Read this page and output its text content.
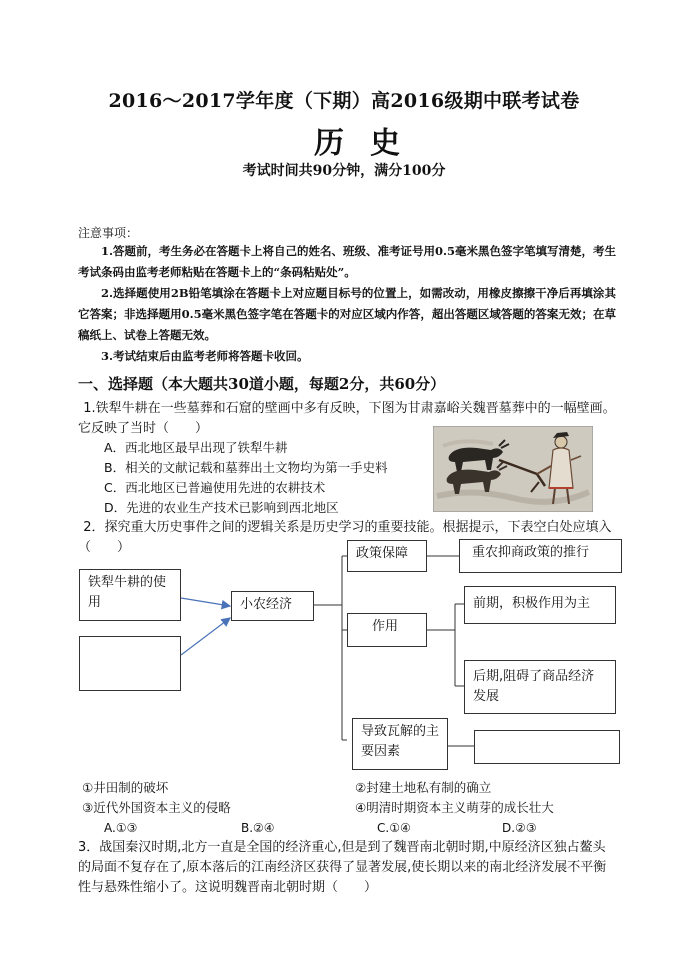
2016～2017学年度（下期）高2016级期中联考试卷
历史
考试时间共90分钟，满分100分
注意事项：
1.答题前，考生务必在答题卡上将自己的姓名、班级、准考证号用0.5毫米黑色签字笔填写清楚，考生考试条码由监考老师粘贴在答题卡上的“条码粘贴处”。
2.选择题使用2B铅笔填涂在答题卡上对应题目标号的位置上，如需改动，用橡皮擦擦干净后再填涂其它答案；非选择题用0.5毫米黑色签字笔在答题卡的对应区域内作答，超出答题区域答题的答案无效；在草稿纸上、试卷上答题无效。
3.考试结束后由监考老师将答题卡收回。
一、选择题（本大题共30道小题，每题2分，共60分）
1.铁犁牛耕在一些墓葬和石窟的壁画中多有反映，下图为甘肃嘉峪关魏晋墓葬中的一幅壁画。它反映了当时（　　）
A．西北地区最早出现了铁犁牛耕
B．相关的文献记载和墓葬出土文物均为第一手史料
C．西北地区已普遍使用先进的农耕技术
D．先进的农业生产技术已影响到西北地区
2．探究重大历史事件之间的逻辑关系是历史学习的重要技能。根据提示，下表空白处应填入（　　）
铁犁牛耕的使用	小农经济
政策保障	重农抑商政策的推行
作用
前期，积极作用为主
后期,阻碍了商品经济发展
导致瓦解的主要因素
①井田制的破坏	②封建土地私有制的确立
③近代外国资本主义的侵略	④明清时期资本主义萌芽的成长壮大
A.①③	B.②④	C.①④	D.②③
3．战国秦汉时期,北方一直是全国的经济重心,但是到了魏晋南北朝时期,中原经济区独占鳌头的局面不复存在了,原本落后的江南经济区获得了显著发展,使长期以来的南北经济发展不平衡性与悬殊性缩小了。这说明魏晋南北朝时期（　　）
